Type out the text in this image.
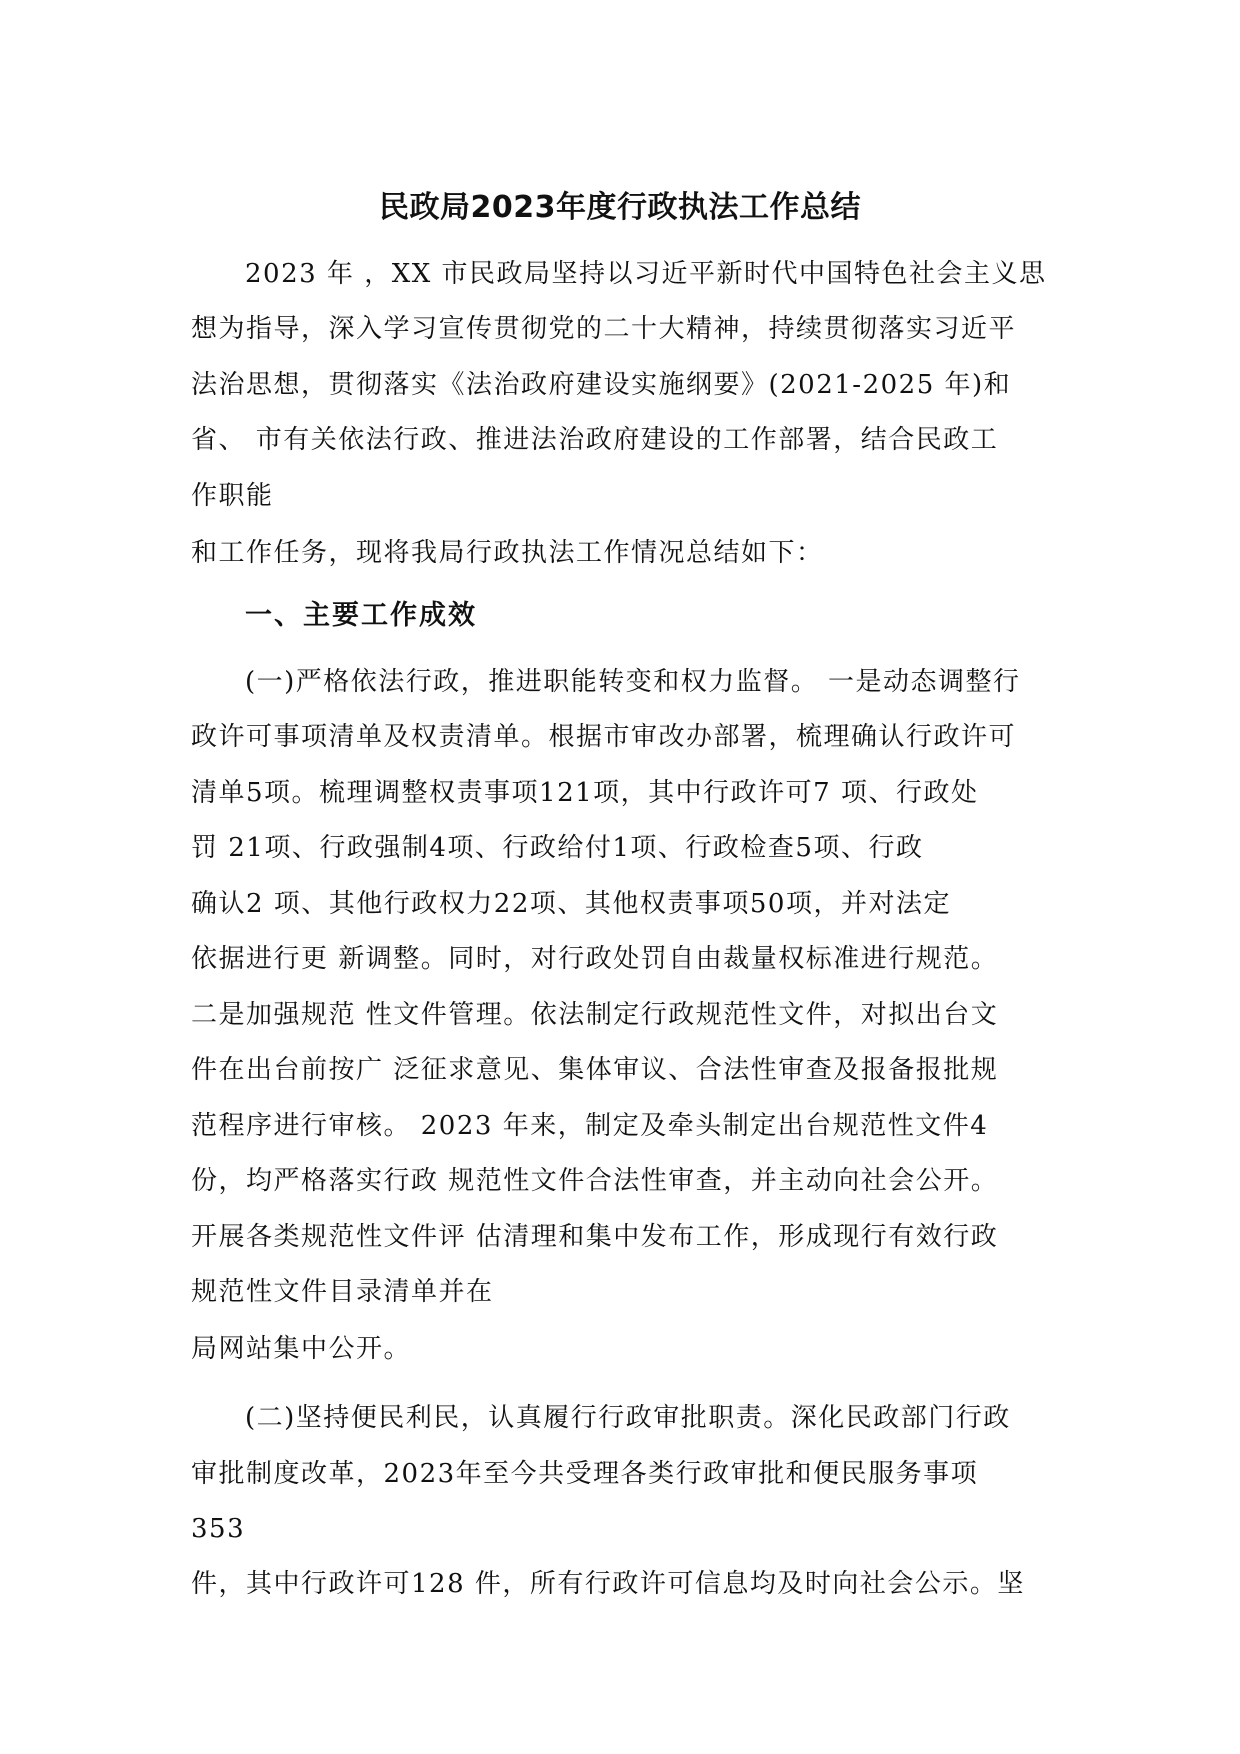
民政局2023年度行政执法工作总结
2023 年 ，XX 市民政局坚持以习近平新时代中国特色社会主义思
想为指导，深入学习宣传贯彻党的二十大精神，持续贯彻落实习近平
法治思想，贯彻落实《法治政府建设实施纲要》(2021-2025 年)和
省、 市有关依法行政、推进法治政府建设的工作部署，结合民政工
作职能
和工作任务，现将我局行政执法工作情况总结如下：
一、主要工作成效
(一)严格依法行政，推进职能转变和权力监督。 一是动态调整行
政许可事项清单及权责清单。根据市审改办部署，梳理确认行政许可
清单5项。梳理调整权责事项121项，其中行政许可7 项、行政处
罚 21项、行政强制4项、行政给付1项、行政检查5项、行政
确认2 项、其他行政权力22项、其他权责事项50项，并对法定
依据进行更 新调整。同时，对行政处罚自由裁量权标准进行规范。
二是加强规范 性文件管理。依法制定行政规范性文件，对拟出台文
件在出台前按广 泛征求意见、集体审议、合法性审查及报备报批规
范程序进行审核。 2023 年来，制定及牵头制定出台规范性文件4
份，均严格落实行政 规范性文件合法性审查，并主动向社会公开。
开展各类规范性文件评 估清理和集中发布工作，形成现行有效行政
规范性文件目录清单并在
局网站集中公开。
(二)坚持便民利民，认真履行行政审批职责。深化民政部门行政
审批制度改革，2023年至今共受理各类行政审批和便民服务事项
353
件，其中行政许可128 件，所有行政许可信息均及时向社会公示。坚
